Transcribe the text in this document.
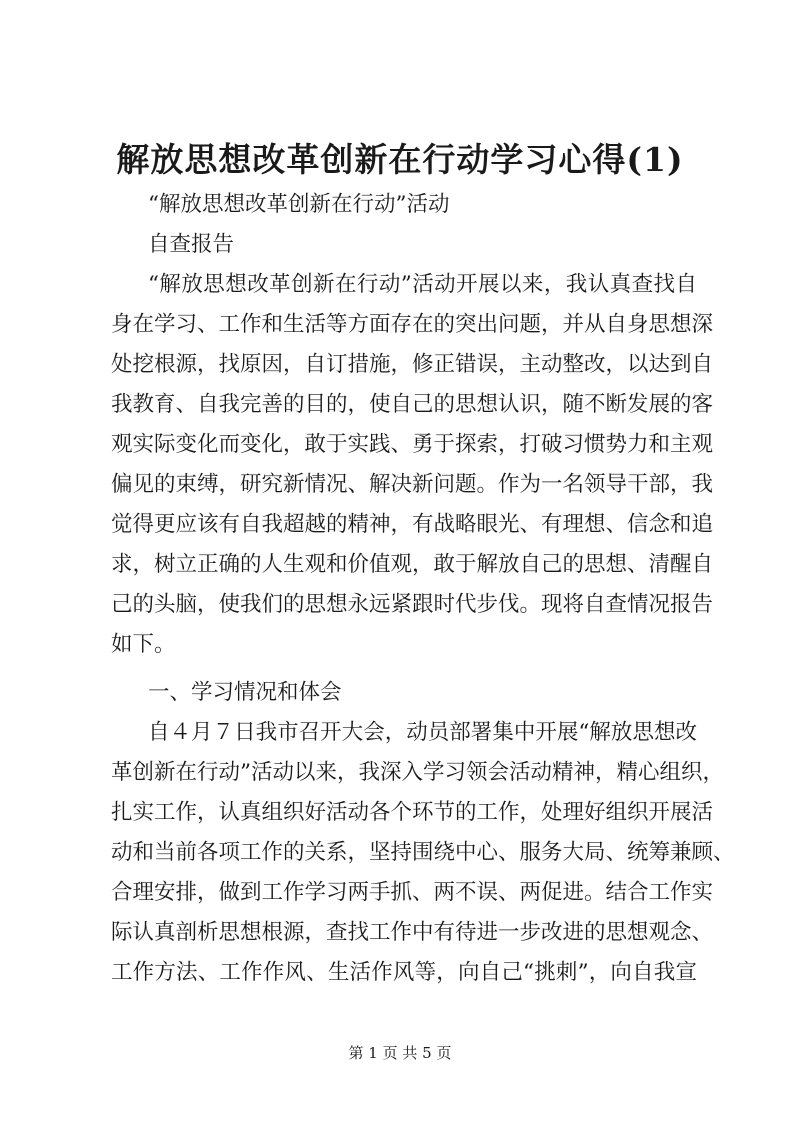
解放思想改革创新在行动学习心得(1)
“解放思想改革创新在行动”活动
自查报告
“解放思想改革创新在行动”活动开展以来，我认真查找自
身在学习、工作和生活等方面存在的突出问题，并从自身思想深
处挖根源，找原因，自订措施，修正错误，主动整改，以达到自
我教育、自我完善的目的，使自己的思想认识，随不断发展的客
观实际变化而变化，敢于实践、勇于探索，打破习惯势力和主观
偏见的束缚，研究新情况、解决新问题。作为一名领导干部，我
觉得更应该有自我超越的精神，有战略眼光、有理想、信念和追
求，树立正确的人生观和价值观，敢于解放自己的思想、清醒自
己的头脑，使我们的思想永远紧跟时代步伐。现将自查情况报告
如下。
一、学习情况和体会
自４月７日我市召开大会，动员部署集中开展“解放思想改
革创新在行动”活动以来，我深入学习领会活动精神，精心组织，
扎实工作，认真组织好活动各个环节的工作，处理好组织开展活
动和当前各项工作的关系，坚持围绕中心、服务大局、统筹兼顾、
合理安排，做到工作学习两手抓、两不误、两促进。结合工作实
际认真剖析思想根源，查找工作中有待进一步改进的思想观念、
工作方法、工作作风、生活作风等，向自己“挑刺”，向自我宣
第 1 页 共 5 页
